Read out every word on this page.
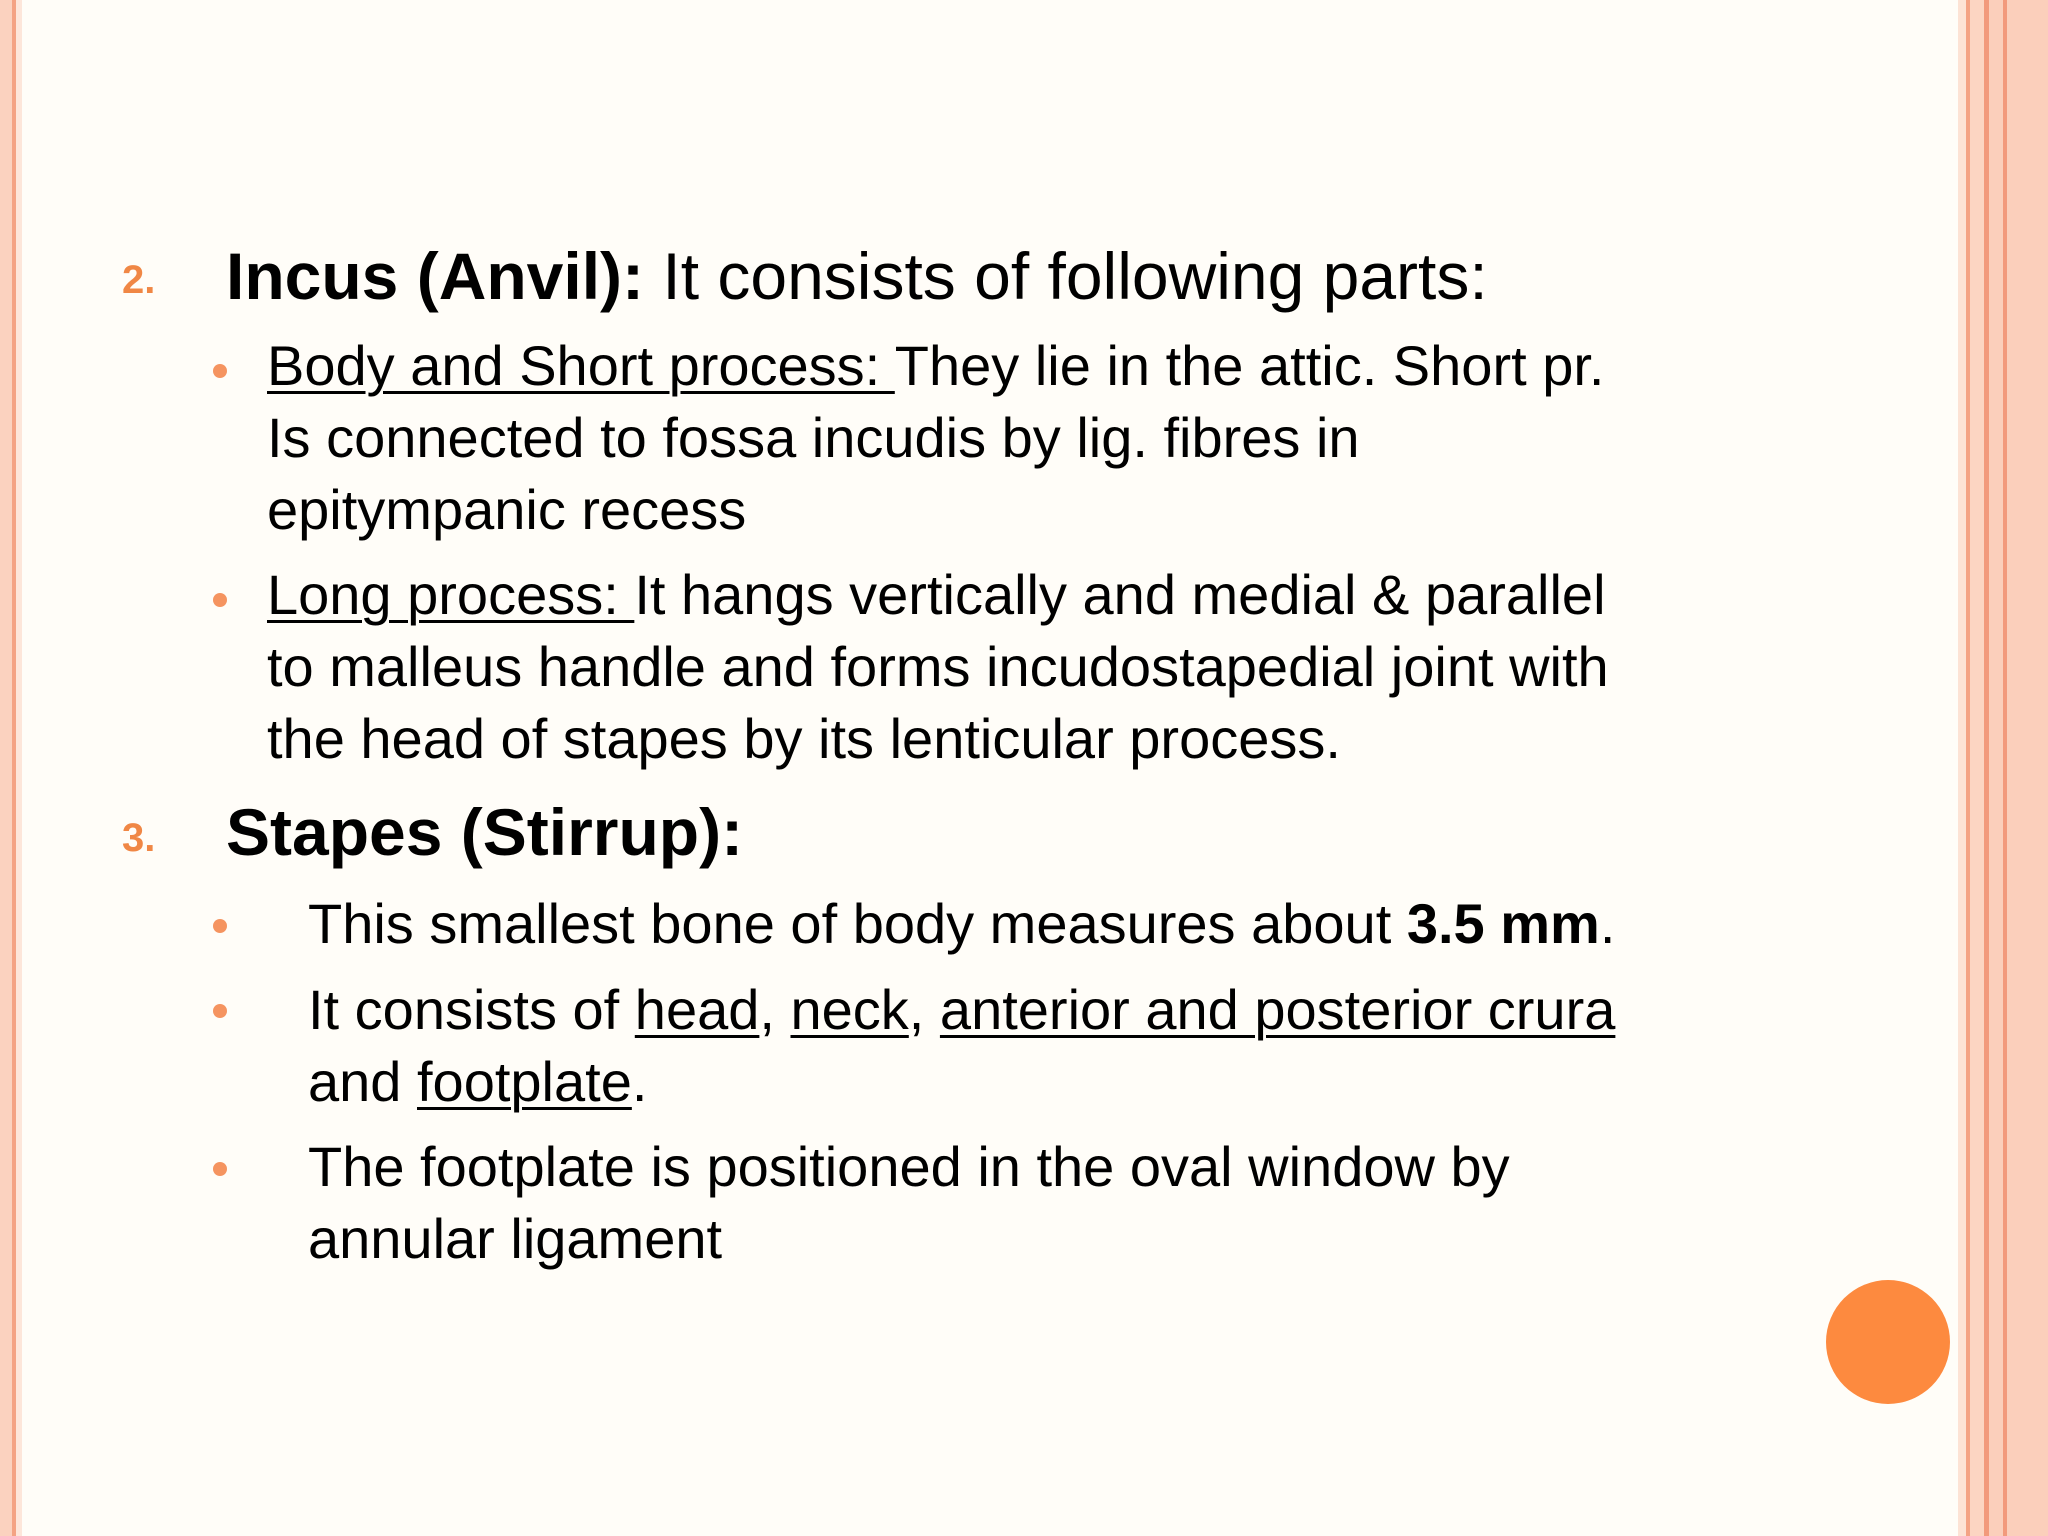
2. Incus (Anvil): It consists of following parts:
Body and Short process: They lie in the attic. Short pr.
Is connected to fossa incudis by lig. fibres in
epitympanic recess
Long process: It hangs vertically and medial & parallel
to malleus handle and forms incudostapedial joint with
the head of stapes by its lenticular process.
3. Stapes (Stirrup):
This smallest bone of body measures about 3.5 mm.
It consists of head, neck, anterior and posterior crura
and footplate.
The footplate is positioned in the oval window by
annular ligament
